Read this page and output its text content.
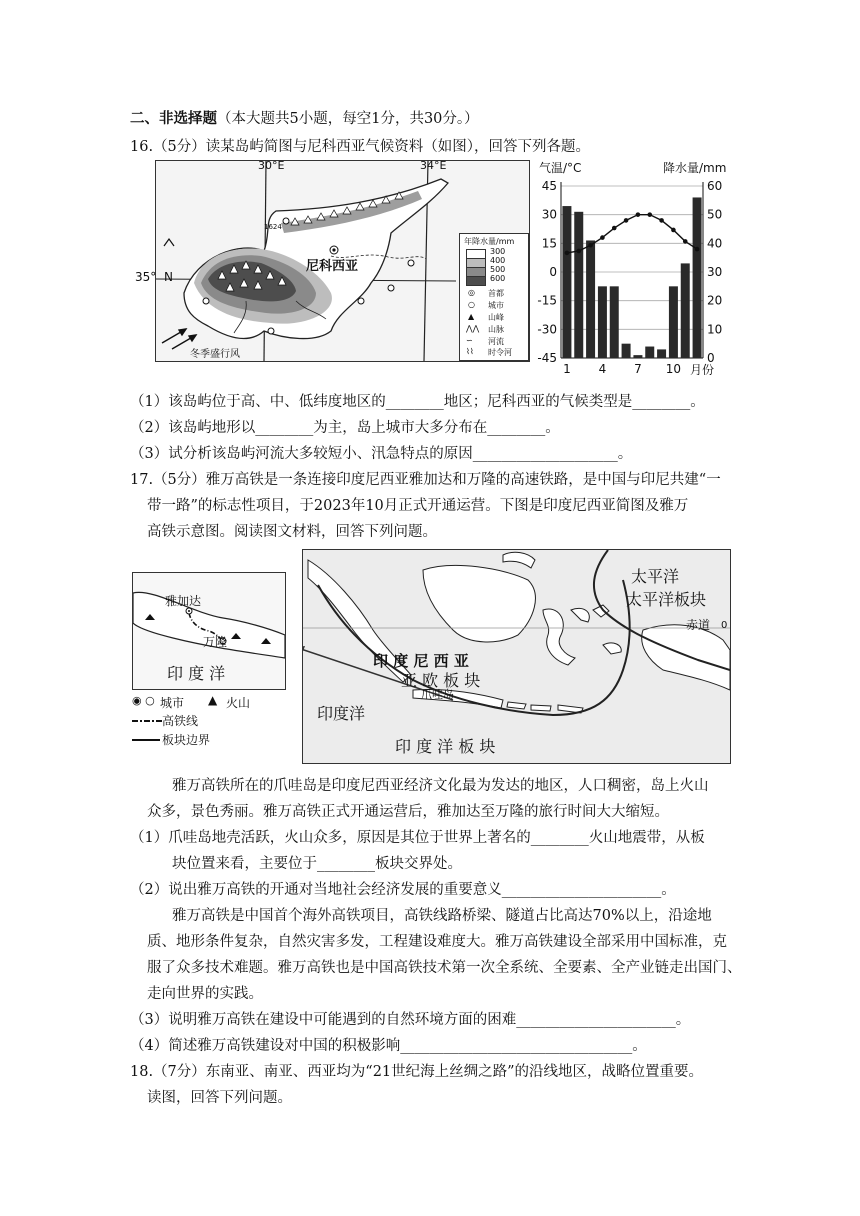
二、非选择题（本大题共5小题，每空1分，共30分。）
16.（5分）读某岛屿简图与尼科西亚气候资料（如图），回答下列各题。
30°E	34°E
35° N
尼科西亚
1624
冬季盛行风
年降水量/mm
300
400
500
600
◎ 首都
○ 城市
▲ 山峰
⋀⋀ 山脉
∽ 河流
⌇⌇ 时令河
气温/°C	降水量/mm
月份
45
30
15
0
-15
-30
-45
60
50
40
30
20
10
0
1 4 7 10
（1）该岛屿位于高、中、低纬度地区的________地区；尼科西亚的气候类型是________。
（2）该岛屿地形以________为主，岛上城市大多分布在________。
（3）试分析该岛屿河流大多较短小、汛急特点的原因____________________。
17.（5分）雅万高铁是一条连接印度尼西亚雅加达和万隆的高速铁路，是中国与印尼共建“一
带一路”的标志性项目，于2023年10月正式开通运营。下图是印度尼西亚简图及雅万
高铁示意图。阅读图文材料，回答下列问题。
雅加达
万隆
印 度 洋
◉ ○ 城市 ▲ 火山
高铁线
板块边界
太平洋
太平洋板块
赤道 0
印 度 尼 西 亚
亚 欧 板 块
爪哇岛
印度洋
印 度 洋 板 块
雅万高铁所在的爪哇岛是印度尼西亚经济文化最为发达的地区，人口稠密，岛上火山
众多，景色秀丽。雅万高铁正式开通运营后，雅加达至万隆的旅行时间大大缩短。
（1）爪哇岛地壳活跃，火山众多，原因是其位于世界上著名的________火山地震带，从板
块位置来看，主要位于________板块交界处。
（2）说出雅万高铁的开通对当地社会经济发展的重要意义______________________。
雅万高铁是中国首个海外高铁项目，高铁线路桥梁、隧道占比高达70%以上，沿途地
质、地形条件复杂，自然灾害多发，工程建设难度大。雅万高铁建设全部采用中国标准，克
服了众多技术难题。雅万高铁也是中国高铁技术第一次全系统、全要素、全产业链走出国门、
走向世界的实践。
（3）说明雅万高铁在建设中可能遇到的自然环境方面的困难______________________。
（4）简述雅万高铁建设对中国的积极影响________________________________。
18.（7分）东南亚、南亚、西亚均为“21世纪海上丝绸之路”的沿线地区，战略位置重要。
读图，回答下列问题。
